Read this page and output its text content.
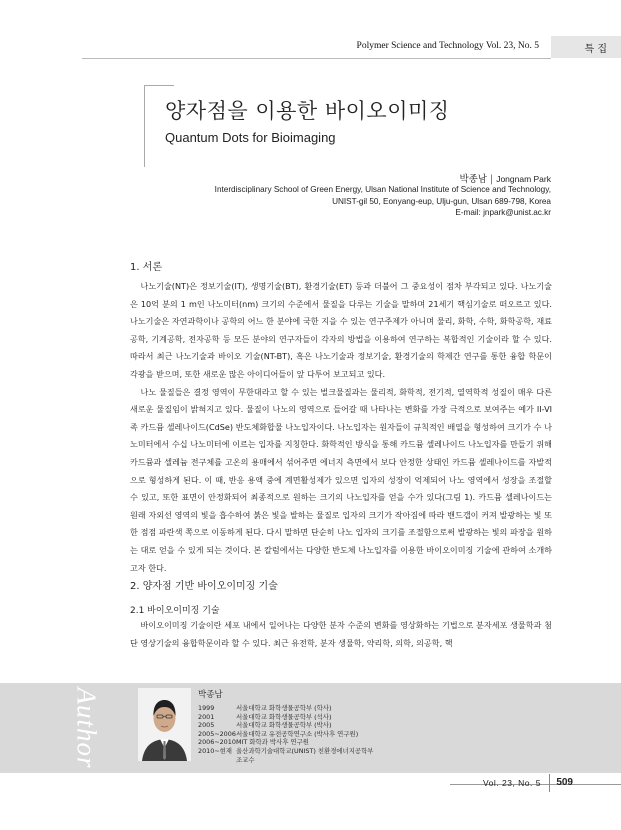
Polymer Science and Technology Vol. 23, No. 5	특 집
양자점을 이용한 바이오이미징
Quantum Dots for Bioimaging
박종남 | Jongnam Park
Interdisciplinary School of Green Energy, Ulsan National Institute of Science and Technology,
UNIST-gil 50, Eonyang-eup, Ulju-gun, Ulsan 689-798, Korea
E-mail: jnpark@unist.ac.kr
1. 서론

나노기술(NT)은 정보기술(IT), 생명기술(BT), 환경기술(ET) 등과 더불어 그 중요성이 점차 부각되고 있다. 나노기술은 10억 분의 1 m인 나노미터(nm) 크기의 수준에서 물질을 다루는 기술을 말하며 21세기 핵심기술로 떠오르고 있다. 나노기술은 자연과학이나 공학의 어느 한 분야에 국한 지을 수 있는 연구주제가 아니며 물리, 화학, 수학, 화학공학, 재료공학, 기계공학, 전자공학 등 모든 분야의 연구자들이 각자의 방법을 이용하여 연구하는 복합적인 기술이라 할 수 있다. 따라서 최근 나노기술과 바이오 기술(NT-BT), 혹은 나노기술과 정보기술, 환경기술의 학제간 연구를 통한 융합 학문이 각광을 받으며, 또한 새로운 많은 아이디어들이 앞 다투어 보고되고 있다.

나노 물질들은 결정 영역이 무한대라고 할 수 있는 벌크물질과는 물리적, 화학적, 전기적, 열역학적 성질이 매우 다른 새로운 물질임이 밝혀지고 있다. 물질이 나노의 영역으로 들어갈 때 나타나는 변화를 가장 극적으로 보여주는 예가 II-VI 족 카드뮴 셀레나이드(CdSe) 반도체화합물 나노입자이다. 나노입자는 원자들이 규칙적인 배열을 형성하여 크기가 수 나노미터에서 수십 나노미터에 이르는 입자를 지칭한다. 화학적인 방식을 통해 카드뮴 셀레나이드 나노입자를 만들기 위해 카드뮴과 셀레늄 전구체를 고온의 용매에서 섞어주면 에너지 측면에서 보다 안정한 상태인 카드뮴 셀레나이드를 자발적으로 형성하게 된다. 이 때, 반응 용액 중에 계면활성제가 있으면 입자의 성장이 억제되어 나노 영역에서 성장을 조절할 수 있고, 또한 표면이 안정화되어 최종적으로 원하는 크기의 나노입자를 얻을 수가 있다(그림 1). 카드뮴 셀레나이드는 원래 자외선 영역의 빛을 흡수하여 붉은 빛을 발하는 물질로 입자의 크기가 작아짐에 따라 밴드갭이 커져 발광하는 빛 또한 점점 파란색 쪽으로 이동하게 된다. 다시 말하면 단순히 나노 입자의 크기를 조절함으로써 발광하는 빛의 파장을 원하는 대로 얻을 수 있게 되는 것이다. 본 칼럼에서는 다양한 반도체 나노입자를 이용한 바이오이미징 기술에 관하여 소개하고자 한다.

2. 양자점 기반 바이오이미징 기술
2.1 바이오이미징 기술

바이오이미징 기술이란 세포 내에서 일어나는 다양한 분자 수준의 변화를 영상화하는 기법으로 분자세포 생물학과 첨단 영상기술의 융합학문이라 할 수 있다. 최근 유전학, 분자 생물학, 약리학, 의학, 의공학, 핵

Author	박종남
1999	서울대학교 화학생물공학부 (학사)
2001	서울대학교 화학생물공학부 (석사)
2005	서울대학교 화학생물공학부 (박사)
2005~2006	서울대학교 유전공학연구소 (박사후 연구원)
2006~2010	MIT 화학과 박사후 연구원
2010~현재	울산과학기술대학교(UNIST) 친환경에너지공학부
	조교수
Vol. 23, No. 5 509
